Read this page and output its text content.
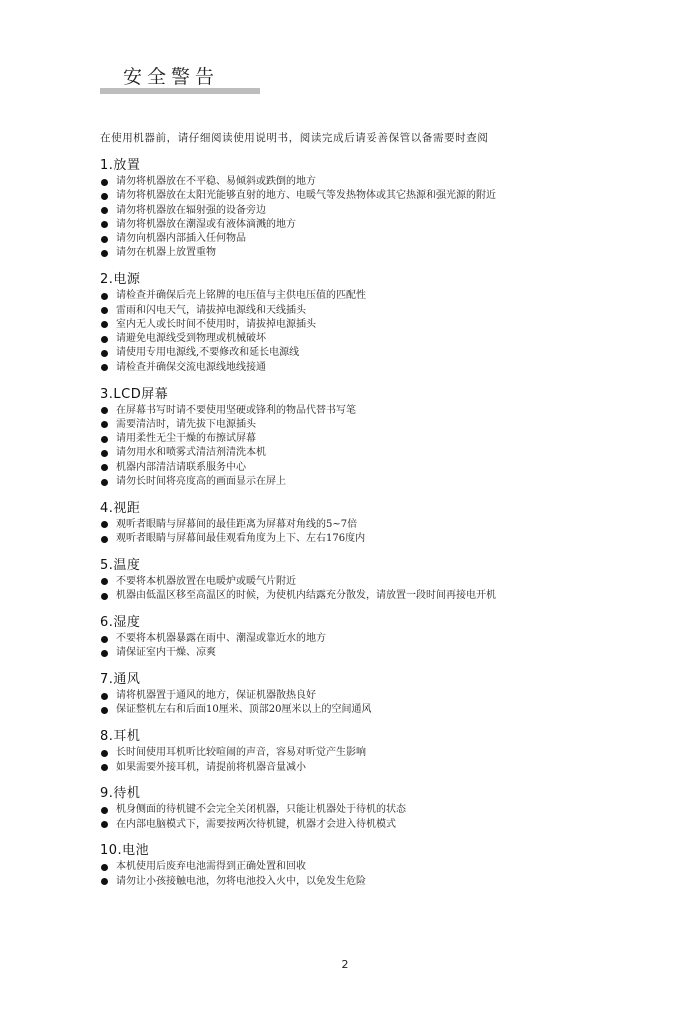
安全警告

在使用机器前，请仔细阅读使用说明书，阅读完成后请妥善保管以备需要时查阅

1.放置
请勿将机器放在不平稳、易倾斜或跌倒的地方
请勿将机器放在太阳光能够直射的地方、电暖气等发热物体或其它热源和强光源的附近
请勿将机器放在辐射强的设备旁边
请勿将机器放在潮湿或有液体滴溅的地方
请勿向机器内部插入任何物品
请勿在机器上放置重物
2.电源
请检查并确保后壳上铭牌的电压值与主供电压值的匹配性
雷雨和闪电天气，请拔掉电源线和天线插头
室内无人或长时间不使用时，请拔掉电源插头
请避免电源线受到物理或机械破坏
请使用专用电源线,不要修改和延长电源线
请检查并确保交流电源线地线接通
3.LCD屏幕
在屏幕书写时请不要使用坚硬或锋利的物品代替书写笔
需要清洁时，请先拔下电源插头
请用柔性无尘干燥的布擦试屏幕
请勿用水和喷雾式清洁剂清洗本机
机器内部清洁请联系服务中心
请勿长时间将亮度高的画面显示在屏上
4.视距
观听者眼睛与屏幕间的最佳距离为屏幕对角线的5~7倍
观听者眼睛与屏幕间最佳观看角度为上下、左右176度内
5.温度
不要将本机器放置在电暖炉或暖气片附近
机器由低温区移至高温区的时候，为使机内结露充分散发，请放置一段时间再接电开机
6.湿度
不要将本机器暴露在雨中、潮湿或靠近水的地方
请保证室内干燥、凉爽
7.通风
请将机器置于通风的地方，保证机器散热良好
保证整机左右和后面10厘米、顶部20厘米以上的空间通风
8.耳机
长时间使用耳机听比较喧闹的声音，容易对听觉产生影响
如果需要外接耳机，请提前将机器音量减小
9.待机
机身侧面的待机键不会完全关闭机器，只能让机器处于待机的状态
在内部电脑模式下，需要按两次待机键，机器才会进入待机模式
10.电池
本机使用后废弃电池需得到正确处置和回收
请勿让小孩接触电池，勿将电池投入火中，以免发生危险

2
